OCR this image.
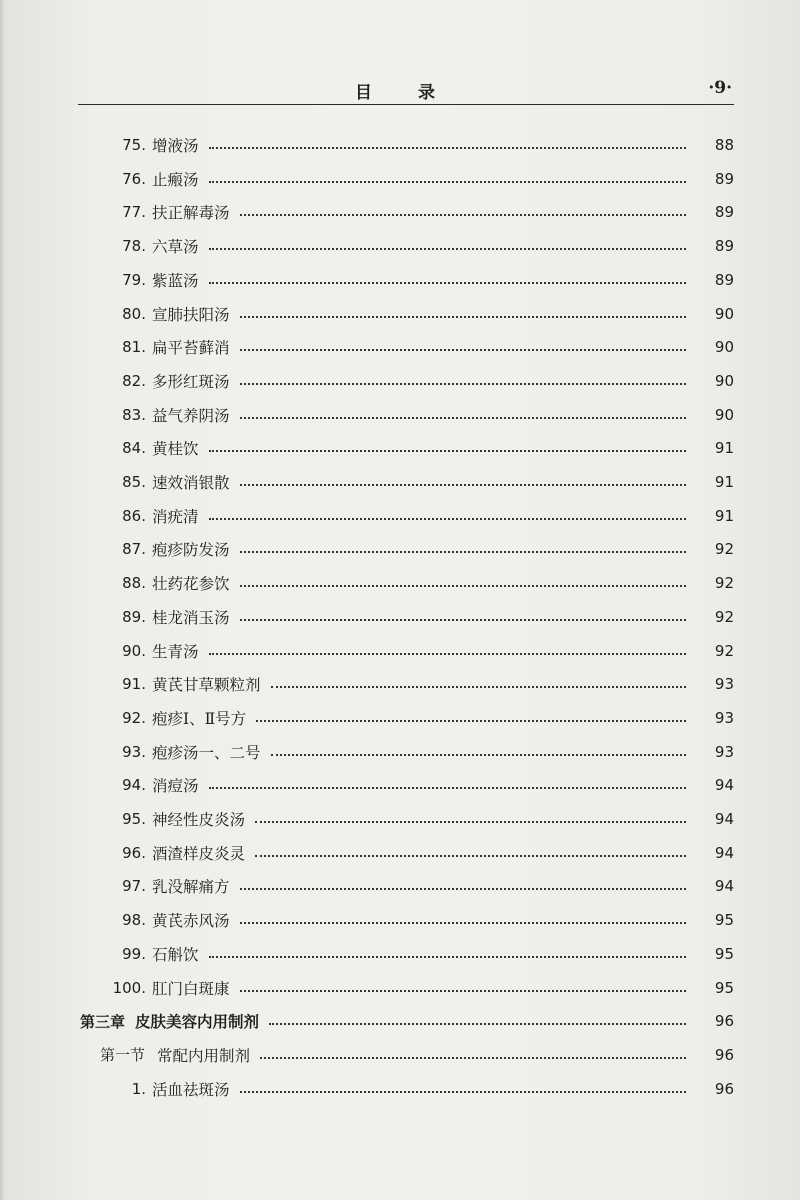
目 录	·9·
75. 增液汤	88
76. 止瘢汤	89
77. 扶正解毒汤	89
78. 六草汤	89
79. 紫蓝汤	89
80. 宣肺扶阳汤	90
81. 扁平苔藓消	90
82. 多形红斑汤	90
83. 益气养阴汤	90
84. 黄桂饮	91
85. 速效消银散	91
86. 消疣清	91
87. 疱疹防发汤	92
88. 壮药花参饮	92
89. 桂龙消玉汤	92
90. 生青汤	92
91. 黄芪甘草颗粒剂	93
92. 疱疹Ⅰ、Ⅱ号方	93
93. 疱疹汤一、二号	93
94. 消痘汤	94
95. 神经性皮炎汤	94
96. 酒渣样皮炎灵	94
97. 乳没解痛方	94
98. 黄芪赤风汤	95
99. 石斛饮	95
100. 肛门白斑康	95
第三章 皮肤美容内用制剂	96
第一节 常配内用制剂	96
1. 活血祛斑汤	96
